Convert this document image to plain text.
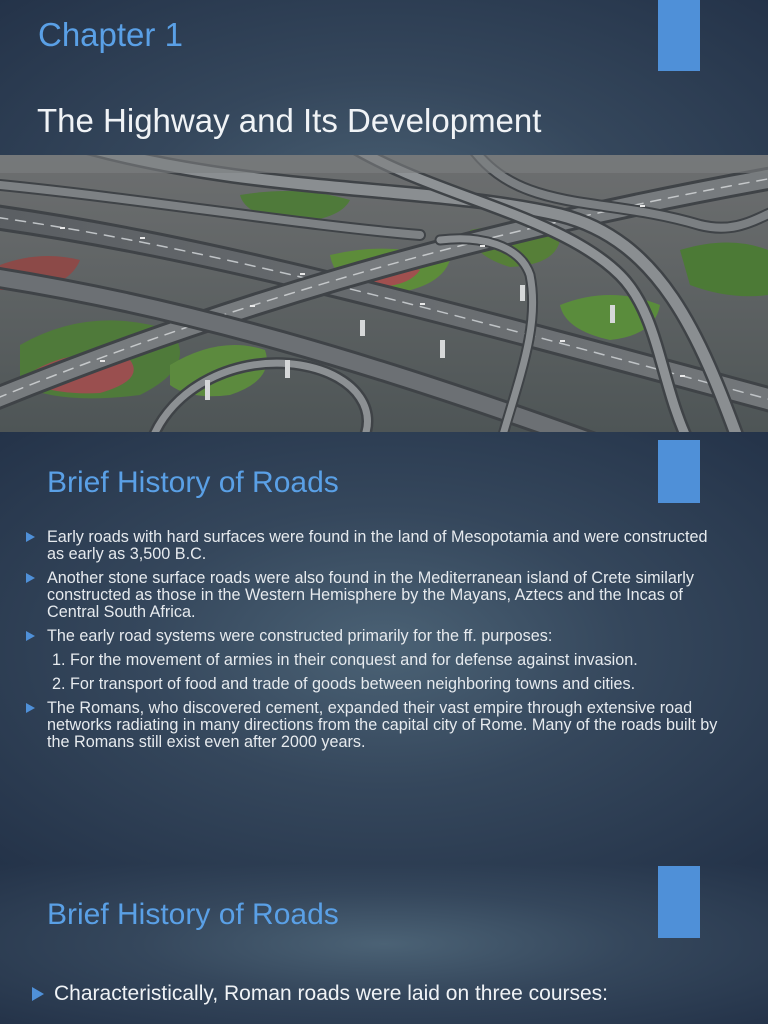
Chapter 1
The Highway and Its Development
Brief History of Roads
Early roads with hard surfaces were found in the land of Mesopotamia and were constructed as early as 3,500 B.C.
Another stone surface roads were also found in the Mediterranean island of Crete similarly constructed as those in the Western Hemisphere by the Mayans, Aztecs and the Incas of Central South Africa.
The early road systems were constructed primarily for the ff. purposes:
1. For the movement of armies in their conquest and for defense against invasion.
2. For transport of food and trade of goods between neighboring towns and cities.
The Romans, who discovered cement, expanded their vast empire through extensive road networks radiating in many directions from the capital city of Rome. Many of the roads built by the Romans still exist even after 2000 years.
Brief History of Roads
Characteristically, Roman roads were laid on three courses:
